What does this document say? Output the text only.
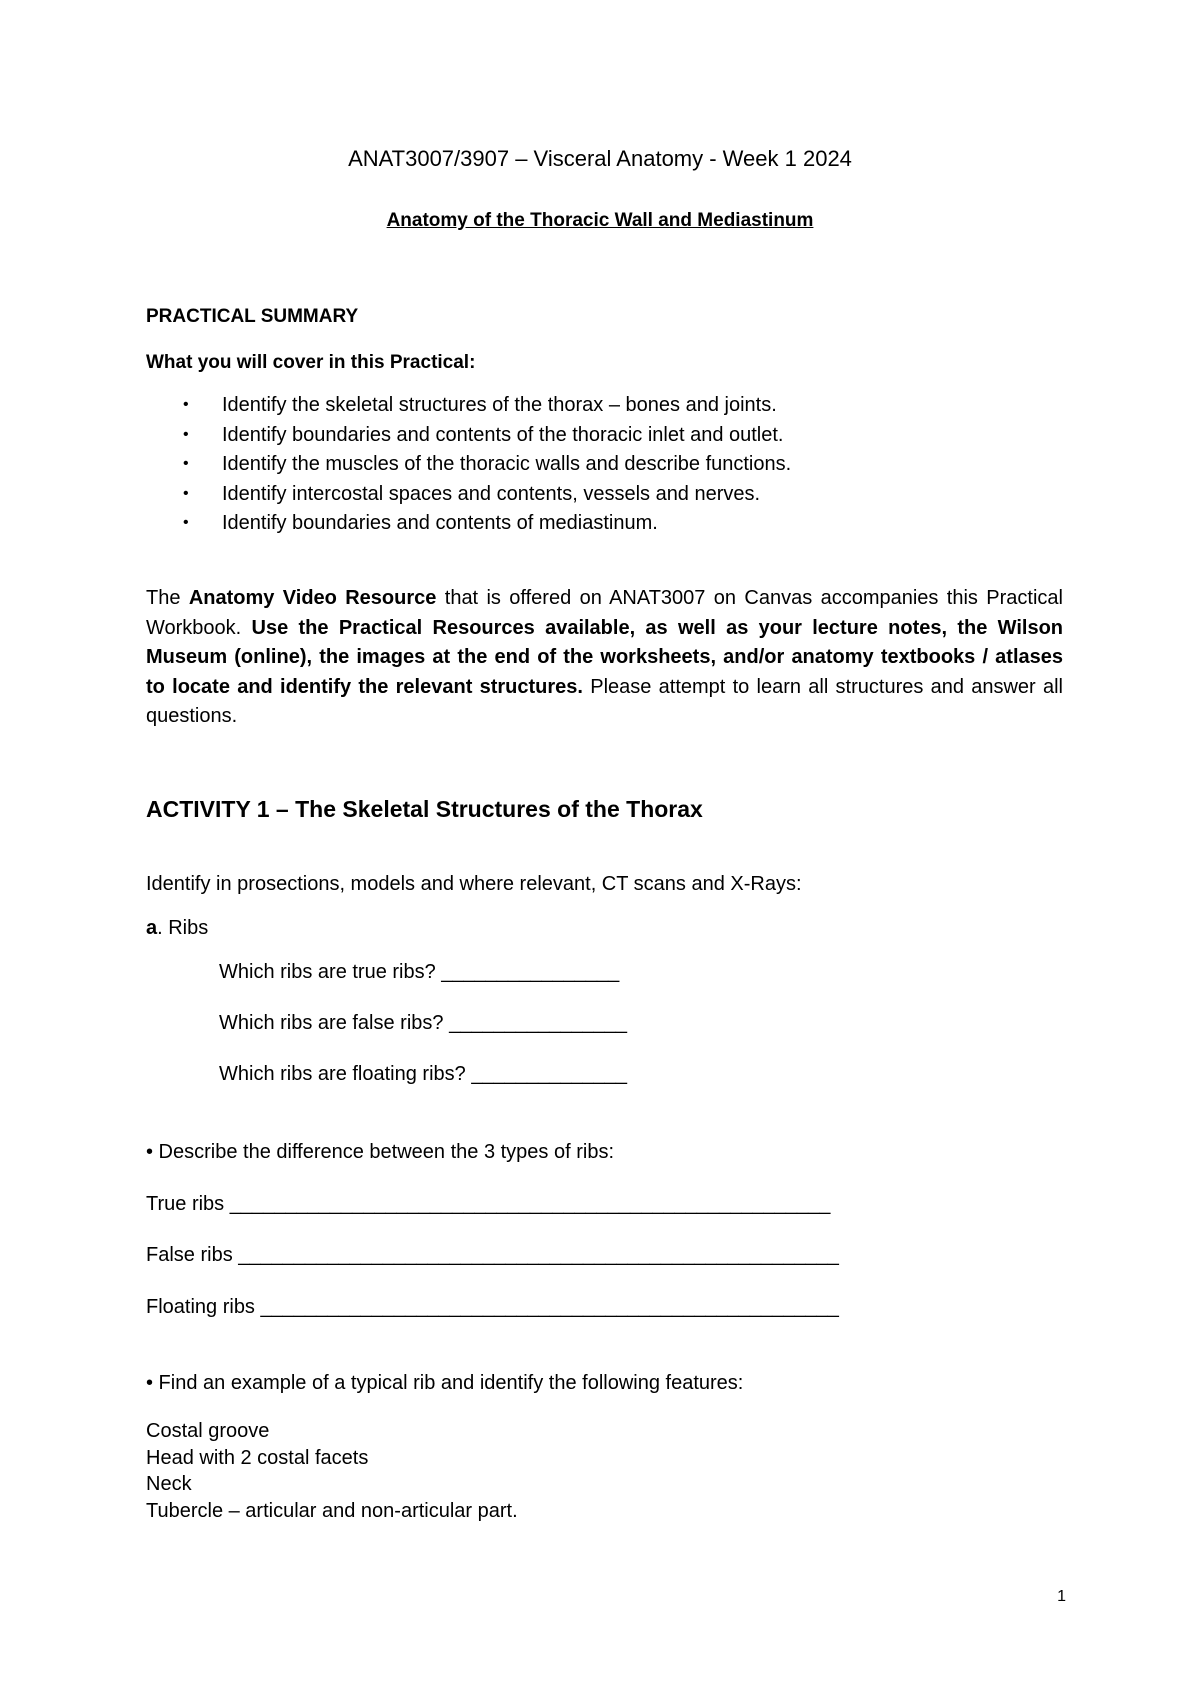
ANAT3007/3907 – Visceral Anatomy - Week 1 2024
Anatomy of the Thoracic Wall and Mediastinum
PRACTICAL SUMMARY
What you will cover in this Practical:
• Identify the skeletal structures of the thorax – bones and joints.
• Identify boundaries and contents of the thoracic inlet and outlet.
• Identify the muscles of the thoracic walls and describe functions.
• Identify intercostal spaces and contents, vessels and nerves.
• Identify boundaries and contents of mediastinum.
The Anatomy Video Resource that is offered on ANAT3007 on Canvas accompanies this Practical Workbook. Use the Practical Resources available, as well as your lecture notes, the Wilson Museum (online), the images at the end of the worksheets, and/or anatomy textbooks / atlases to locate and identify the relevant structures. Please attempt to learn all structures and answer all questions.
ACTIVITY 1 – The Skeletal Structures of the Thorax
Identify in prosections, models and where relevant, CT scans and X-Rays:
a. Ribs
Which ribs are true ribs? ________________
Which ribs are false ribs? ________________
Which ribs are floating ribs? ______________
• Describe the difference between the 3 types of ribs:
True ribs ______________________________________________________
False ribs ______________________________________________________
Floating ribs ____________________________________________________
• Find an example of a typical rib and identify the following features:
Costal groove
Head with 2 costal facets
Neck
Tubercle – articular and non-articular part.
1
